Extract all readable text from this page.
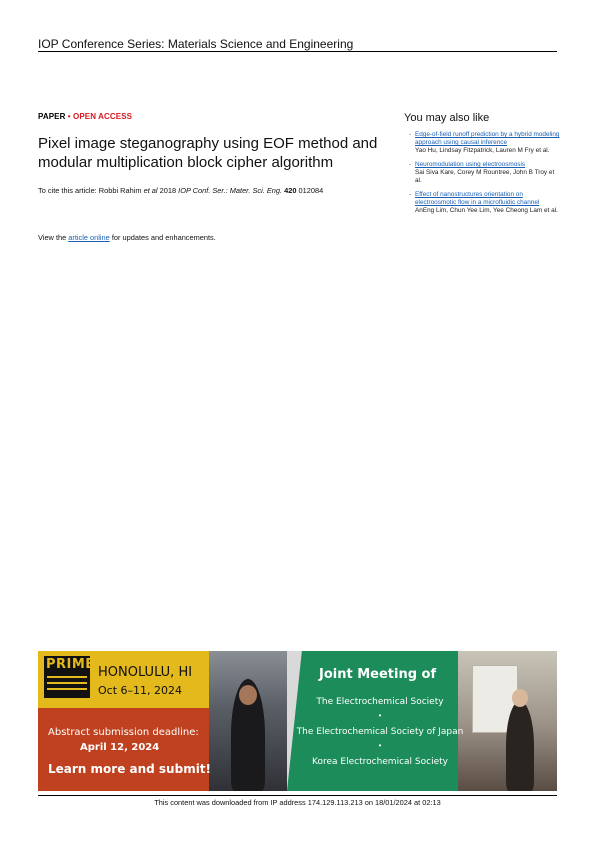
IOP Conference Series: Materials Science and Engineering
PAPER • OPEN ACCESS
Pixel image steganography using EOF method and modular multiplication block cipher algorithm
To cite this article: Robbi Rahim et al 2018 IOP Conf. Ser.: Mater. Sci. Eng. 420 012084
View the article online for updates and enhancements.
You may also like
- Edge-of-field runoff prediction by a hybrid modeling approach using causal inference
Yao Hu, Lindsay Fitzpatrick, Lauren M Fry et al.
- Neuromodulation using electroosmosis
Sai Siva Kare, Corey M Rountree, John B Troy et al.
- Effect of nanostructures orientation on electroosmotic flow in a microfluidic channel
AnEng Lim, Chun Yee Lim, Yee Cheong Lam et al.
PRIME
HONOLULU, HI
Oct 6–11, 2024
Abstract submission deadline:
April 12, 2024
Learn more and submit!
Joint Meeting of
The Electrochemical Society
•
The Electrochemical Society of Japan
•
Korea Electrochemical Society
This content was downloaded from IP address 174.129.113.213 on 18/01/2024 at 02:13
